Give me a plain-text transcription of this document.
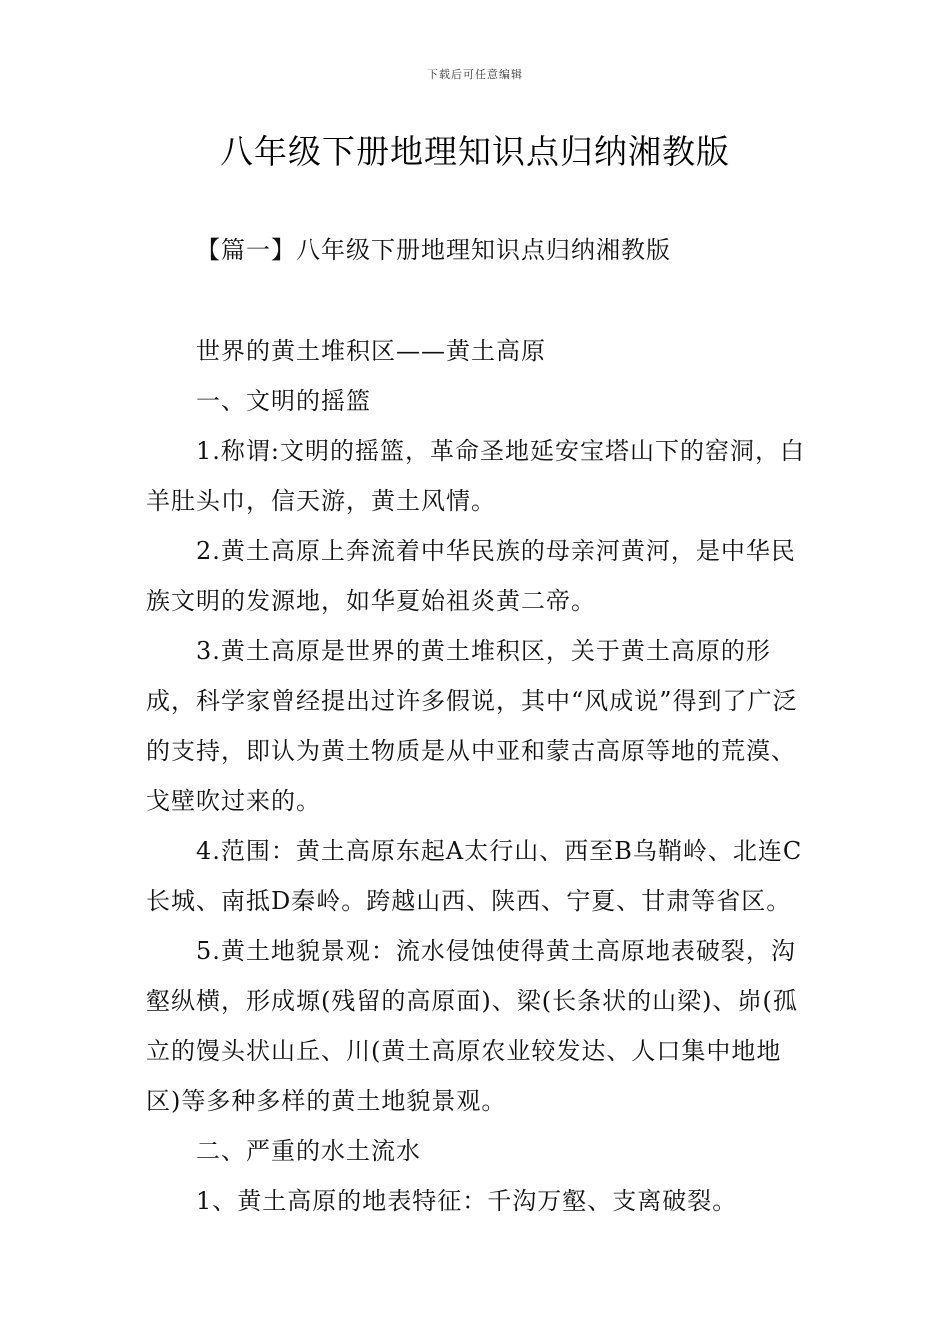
下载后可任意编辑
八年级下册地理知识点归纳湘教版
【篇一】八年级下册地理知识点归纳湘教版

世界的黄土堆积区——黄土高原

一、文明的摇篮

1.称谓:文明的摇篮，革命圣地延安宝塔山下的窑洞，白羊肚头巾，信天游，黄土风情。

2.黄土高原上奔流着中华民族的母亲河黄河，是中华民族文明的发源地，如华夏始祖炎黄二帝。

3.黄土高原是世界的黄土堆积区，关于黄土高原的形成，科学家曾经提出过许多假说，其中“风成说”得到了广泛的支持，即认为黄土物质是从中亚和蒙古高原等地的荒漠、戈壁吹过来的。

4.范围：黄土高原东起A太行山、西至B乌鞘岭、北连C长城、南抵D秦岭。跨越山西、陕西、宁夏、甘肃等省区。

5.黄土地貌景观：流水侵蚀使得黄土高原地表破裂，沟壑纵横，形成塬(残留的高原面)、梁(长条状的山梁)、峁(孤立的馒头状山丘、川(黄土高原农业较发达、人口集中地地区)等多种多样的黄土地貌景观。

二、严重的水土流水

1、黄土高原的地表特征：千沟万壑、支离破裂。
